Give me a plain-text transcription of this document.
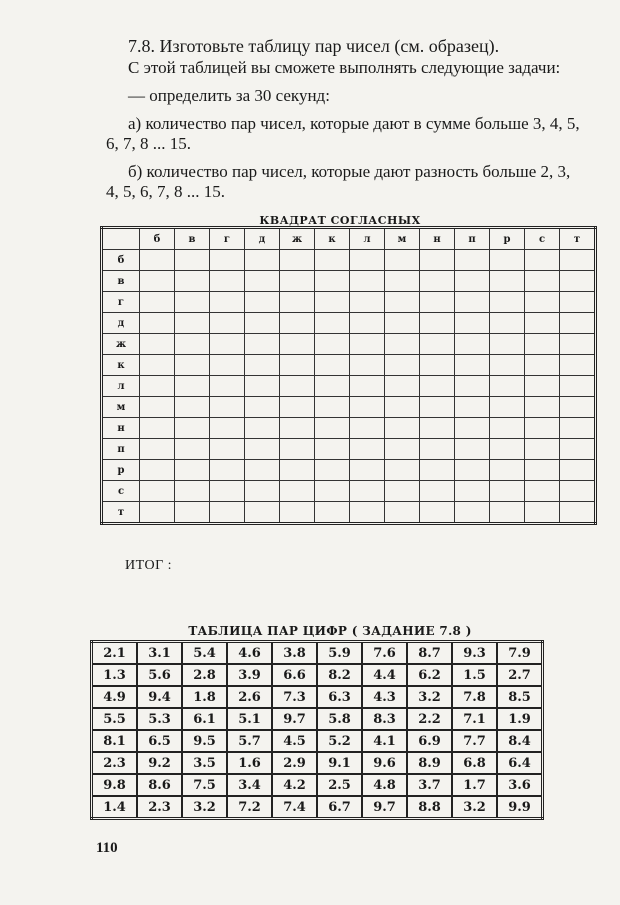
7.8. Изготовьте таблицу пар чисел (см. образец).

С этой таблицей вы сможете выполнять следующие задачи:

— определить за 30 секунд:

а) количество пар чисел, которые дают в сумме больше 3, 4, 5, 6, 7, 8 ... 15.

б) количество пар чисел, которые дают разность больше 2, 3, 4, 5, 6, 7, 8 ... 15.

КВАДРАТ СОГЛАСНЫХ
	б	в	г	д	ж	к	л	м	н	п	р	с	т
б													
в													
г													
д													
ж													
к													
л													
м													
н													
п													
р													
с													
т													
ИТОГ :
ТАБЛИЦА ПАР ЦИФР ( ЗАДАНИЕ 7.8 )
2.1	3.1	5.4	4.6	3.8	5.9	7.6	8.7	9.3	7.9
1.3	5.6	2.8	3.9	6.6	8.2	4.4	6.2	1.5	2.7
4.9	9.4	1.8	2.6	7.3	6.3	4.3	3.2	7.8	8.5
5.5	5.3	6.1	5.1	9.7	5.8	8.3	2.2	7.1	1.9
8.1	6.5	9.5	5.7	4.5	5.2	4.1	6.9	7.7	8.4
2.3	9.2	3.5	1.6	2.9	9.1	9.6	8.9	6.8	6.4
9.8	8.6	7.5	3.4	4.2	2.5	4.8	3.7	1.7	3.6
1.4	2.3	3.2	7.2	7.4	6.7	9.7	8.8	3.2	9.9
110
